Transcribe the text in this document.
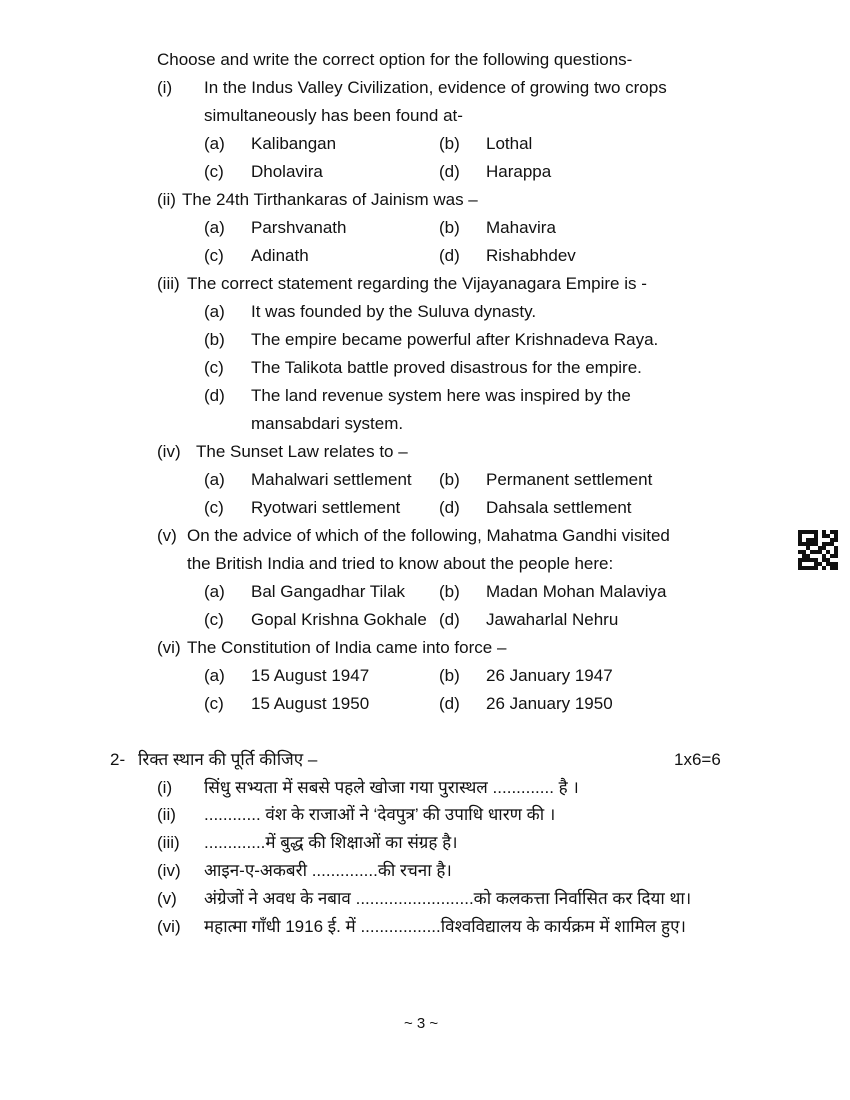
Choose and write the correct option for the following questions-
(i) In the Indus Valley Civilization, evidence of growing two crops
simultaneously has been found at-
(a) Kalibangan	(b) Lothal
(c) Dholavira	(d) Harappa
(ii) The 24th Tirthankaras of Jainism was –
(a) Parshvanath	(b) Mahavira
(c) Adinath	(d) Rishabhdev
(iii) The correct statement regarding the Vijayanagara Empire is -
(a) It was founded by the Suluva dynasty.
(b) The empire became powerful after Krishnadeva Raya.
(c) The Talikota battle proved disastrous for the empire.
(d) The land revenue system here was inspired by the
mansabdari system.
(iv) The Sunset Law relates to –
(a) Mahalwari settlement (b) Permanent settlement
(c) Ryotwari settlement (d) Dahsala settlement
(v) On the advice of which of the following, Mahatma Gandhi visited
the British India and tried to know about the people here:
(a) Bal Gangadhar Tilak (b) Madan Mohan Malaviya
(c) Gopal Krishna Gokhale (d) Jawaharlal Nehru
(vi) The Constitution of India came into force –
(a) 15 August 1947	(b) 26 January 1947
(c) 15 August 1950	(d) 26 January 1950
2- रिक्त स्थान की पूर्ति कीजिए –	1x6=6
(i) सिंधु सभ्यता में सबसे पहले खोजा गया पुरास्थल ............. है ।
(ii) ............ वंश के राजाओं ने ‘देवपुत्र’ की उपाधि धारण की ।
(iii) .............में बुद्ध की शिक्षाओं का संग्रह है।
(iv) आइन-ए-अकबरी ..............की रचना है।
(v) अंग्रेजों ने अवध के नबाव .........................को कलकत्ता निर्वासित कर दिया था।
(vi) महात्मा गाँधी 1916 ई. में .................विश्वविद्यालय के कार्यक्रम में शामिल हुए।
~ 3 ~
